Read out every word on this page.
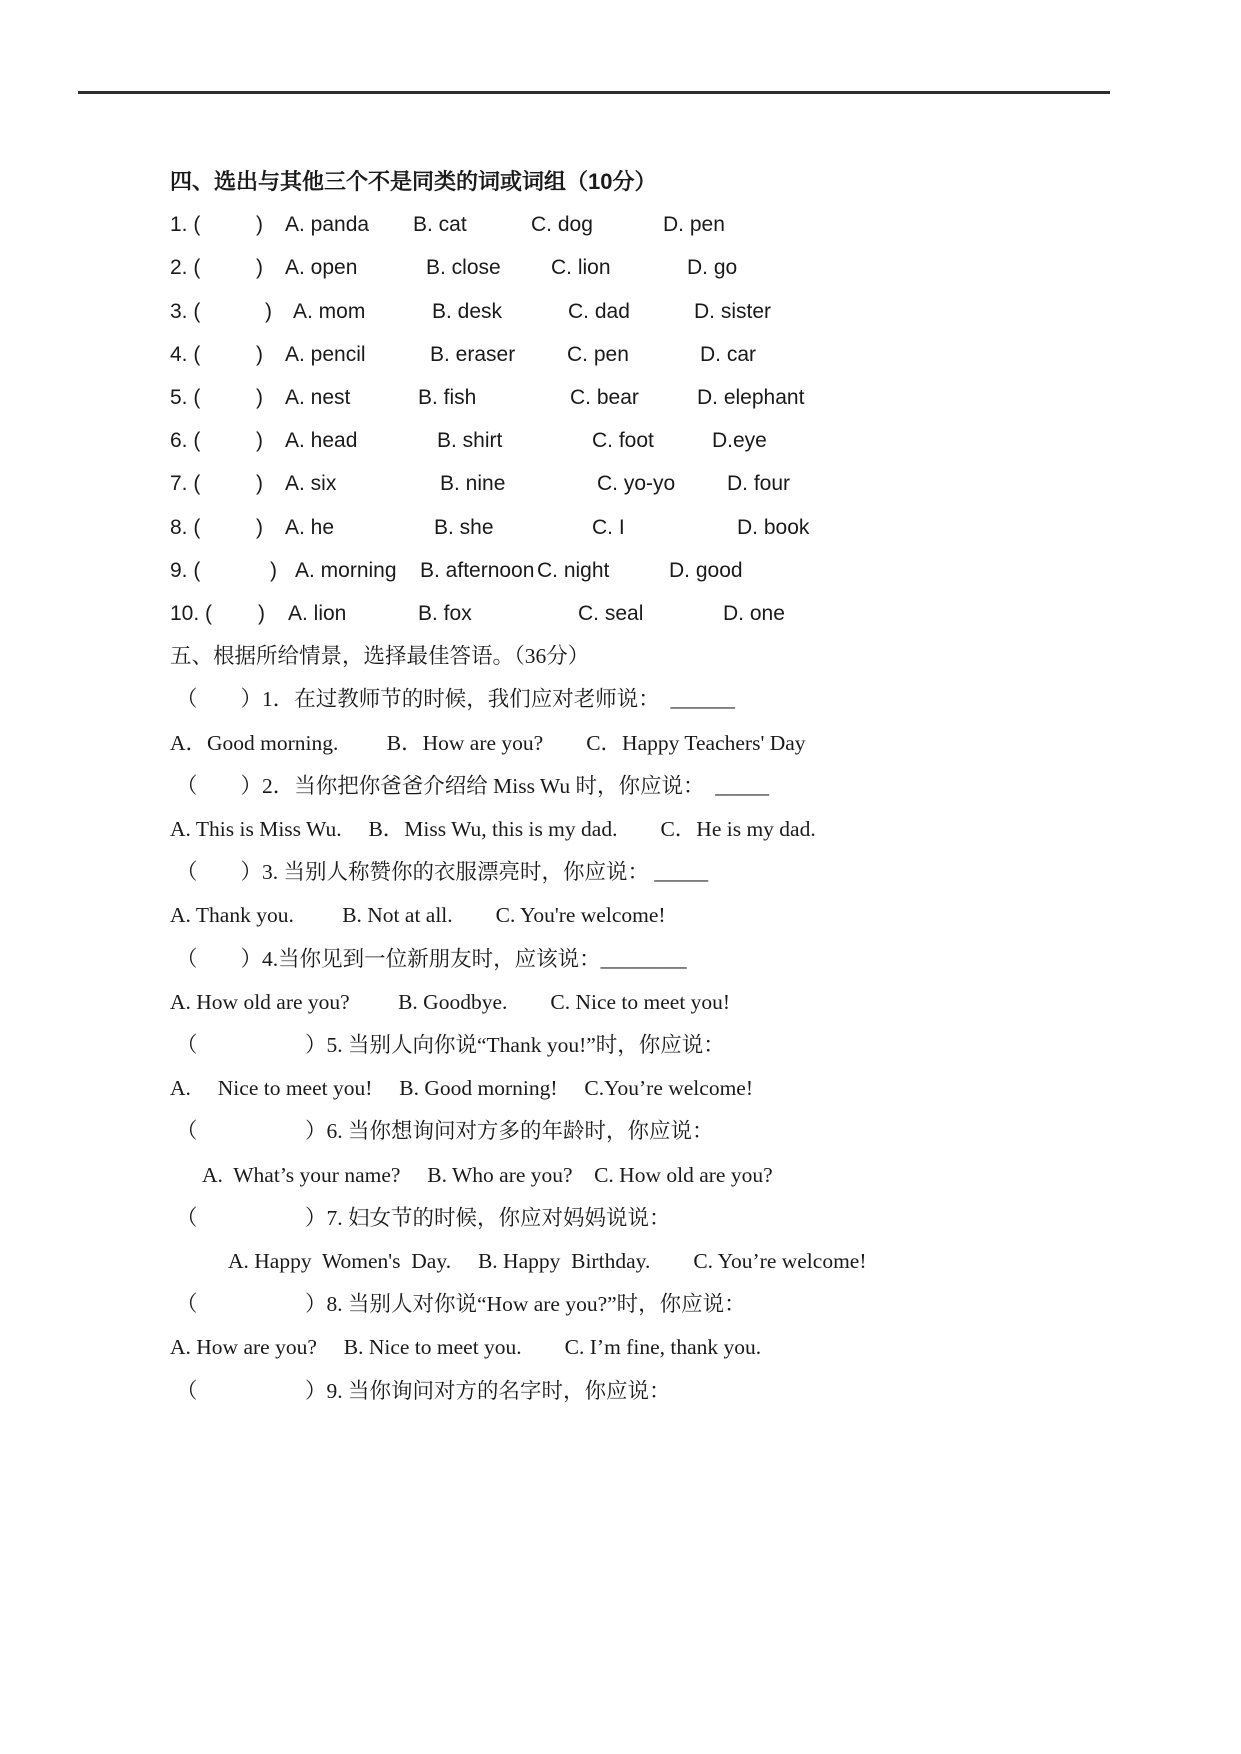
四、选出与其他三个不是同类的词或词组（10分）
1. (	) A. panda	B. cat	C. dog	D. pen
2. (	) A. open	B. close	C. lion	D. go
3. (	)	A. mom	B. desk	C. dad	D. sister
4. (	) A. pencil	B. eraser	C. pen	D. car
5. (	) A. nest	B. fish	C. bear	D. elephant
6. (	) A. head	B. shirt	C. foot	D.eye
7. (	) A. six	B. nine	C. yo-yo	D. four
8. (	) A. he	B. she	C. I	D. book
9. (	) A. morning	B. afternoon C. night	D. good
10. ( ) A. lion	B. fox	C. seal	D. one

五、根据所给情景，选择最佳答语。（36分）

（　　）1．在过教师节的时候，我们应对老师说：  ______

A．Good morning.　　 B．How are you?　　C．Happy Teachers' Day

（　　）2．当你把你爸爸介绍给 Miss Wu 时，你应说：  _____

A. This is Miss Wu.　 B．Miss Wu, this is my dad.　　C．He is my dad.

（　　）3. 当别人称赞你的衣服漂亮时，你应说： _____

A. Thank you.　　 B. Not at all.　　C. You're welcome!

（　　）4.当你见到一位新朋友时，应该说：________

A. How old are you?　　 B. Goodbye.　　C. Nice to meet you!

（　　　　　）5. 当别人向你说“Thank you!”时，你应说：

A.　 Nice to meet you!　 B. Good morning!　 C.You’re welcome!

（　　　　　）6. 当你想询问对方多的年龄时，你应说：

A.  What’s your name?　 B. Who are you?　C. How old are you?

（　　　　　）7. 妇女节的时候，你应对妈妈说说：

A. Happy  Women's  Day.　 B. Happy  Birthday.　　C. You’re welcome!

（　　　　　）8. 当别人对你说“How are you?”时，你应说：

A. How are you?　 B. Nice to meet you.　　C. I’m fine, thank you.

（　　　　　）9. 当你询问对方的名字时，你应说：
